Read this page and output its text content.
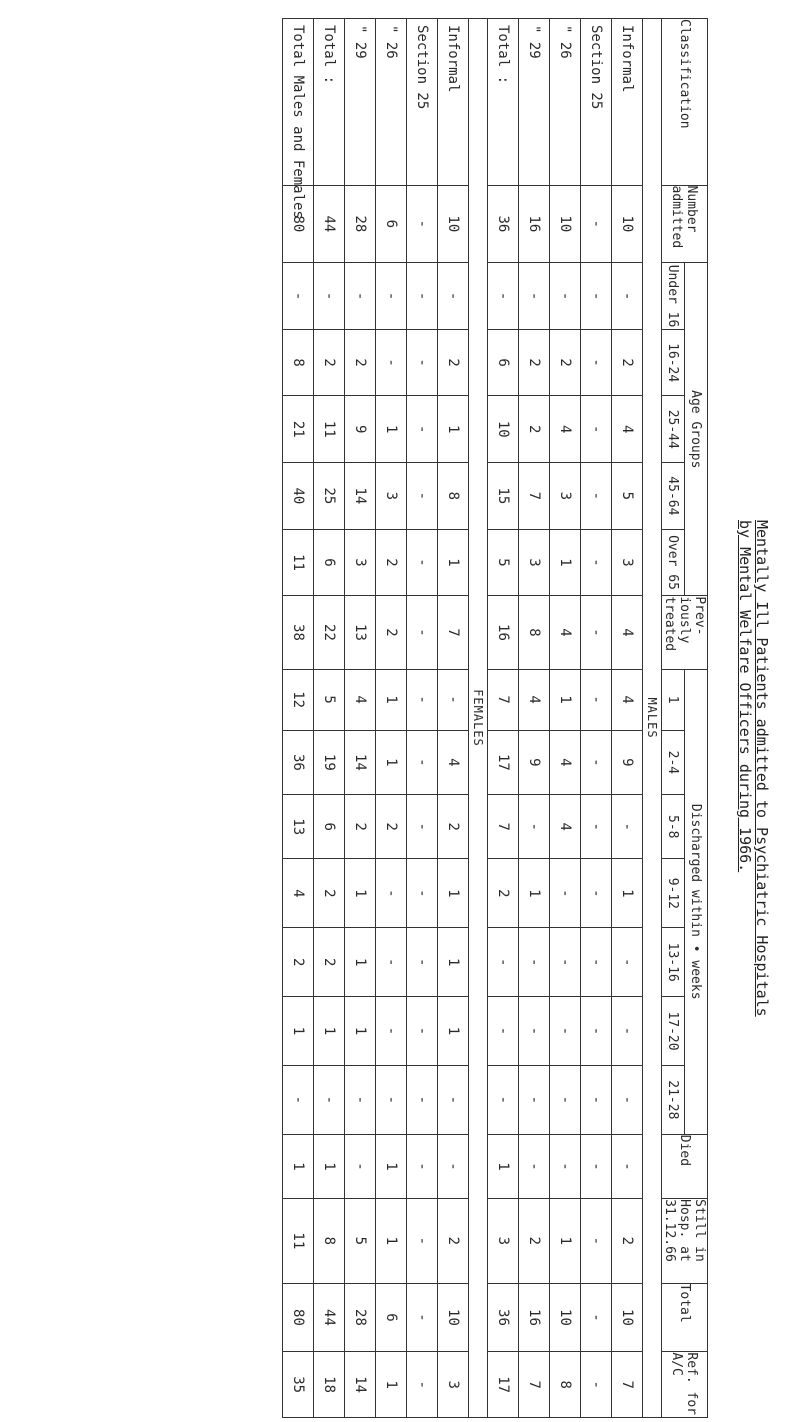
Mentally Ill Patients admitted to Psychiatric Hospitals
by Mental Welfare Officers during 1966.
Classification	Number admitted	Age Groups					Prev-iously treated	Discharged within • weeks							Died	Still in Hosp. at 31.12.66	Total	Ref. for A/C
		Under 16	16-24	25-44	45-64	Over 65		1	2-4	5-8	9-12	13-16	17-20	21-28				
MALES																		
Informal	10	-	2	4	5	3	4	4	9	-	1	-	-	-	-	2	10	7
Section 25	-	-	-	-	-	-	-	-	-	-	-	-	-	-	-	-	-	-
" 26	10	-	2	4	3	1	4	1	4	4	-	-	-	-	-	1	10	8
" 29	16	-	2	2	7	3	8	4	9	-	1	-	-	-	-	2	16	7
Total :	36	-	6	10	15	5	16	7	17	7	2	-	-	-	1	3	36	17
FEMALES																		
Informal	10	-	2	1	8	1	7	-	4	2	1	1	1	-	-	2	10	3
Section 25	-	-	-	-	-	-	-	-	-	-	-	-	-	-	-	-	-	-
" 26	6	-	-	1	3	2	2	1	1	2	-	-	-	-	1	1	6	1
" 29	28	-	2	9	14	3	13	4	14	2	1	1	1	-	-	5	28	14
Total :	44	-	2	11	25	6	22	5	19	6	2	2	1	-	1	8	44	18
Total Males and Females	80	-	8	21	40	11	38	12	36	13	4	2	1	-	1	11	80	35
